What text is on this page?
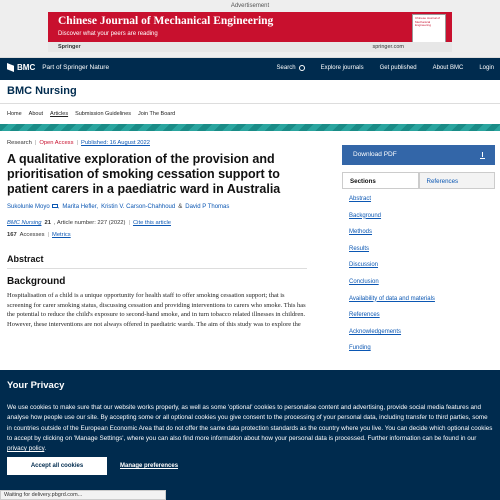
Advertisement
Chinese Journal of Mechanical Engineering
Discover what your peers are reading
Chinese Journal of Mechanical Engineering
Springer	springer.com
BMC Part of Springer Nature	Search	Explore journals	Get published	About BMC	Login
BMC Nursing
Home About Articles Submission Guidelines Join The Board
Research | Open Access | Published: 16 August 2022
A qualitative exploration of the provision and prioritisation of smoking cessation support to patient carers in a paediatric ward in Australia
Sukolunle Moyo , Marita Hefler, Kristin V. Carson-Chahhoud & David P Thomas
BMC Nursing 21 , Article number: 227 (2022) | Cite this article
167 Accesses | Metrics
Abstract
Background

Hospitalisation of a child is a unique opportunity for health staff to offer smoking cessation support; that is screening for carer smoking status, discussing cessation and providing interventions to carers who smoke. This has the potential to reduce the child's exposure to second-hand smoke, and in turn tobacco related illnesses in children. However, these interventions are not always offered in paediatric wards. The aim of this study was to explore the

Download PDF
Sections	References
Abstract
Background
Methods
Results
Discussion
Conclusion
Availability of data and materials
References
Acknowledgements
Funding
Your Privacy

We use cookies to make sure that our website works properly, as well as some 'optional' cookies to personalise content and advertising, provide social media features and analyse how people use our site. By accepting some or all optional cookies you give consent to the processing of your personal data, including transfer to third parties, some in countries outside of the European Economic Area that do not offer the same data protection standards as the country where you live. You can decide which optional cookies to accept by clicking on 'Manage Settings', where you can also find more information about how your personal data is processed. Further information can be found in our privacy policy.

Accept all cookies	Manage preferences
Waiting for delivery.pbgrd.com...
